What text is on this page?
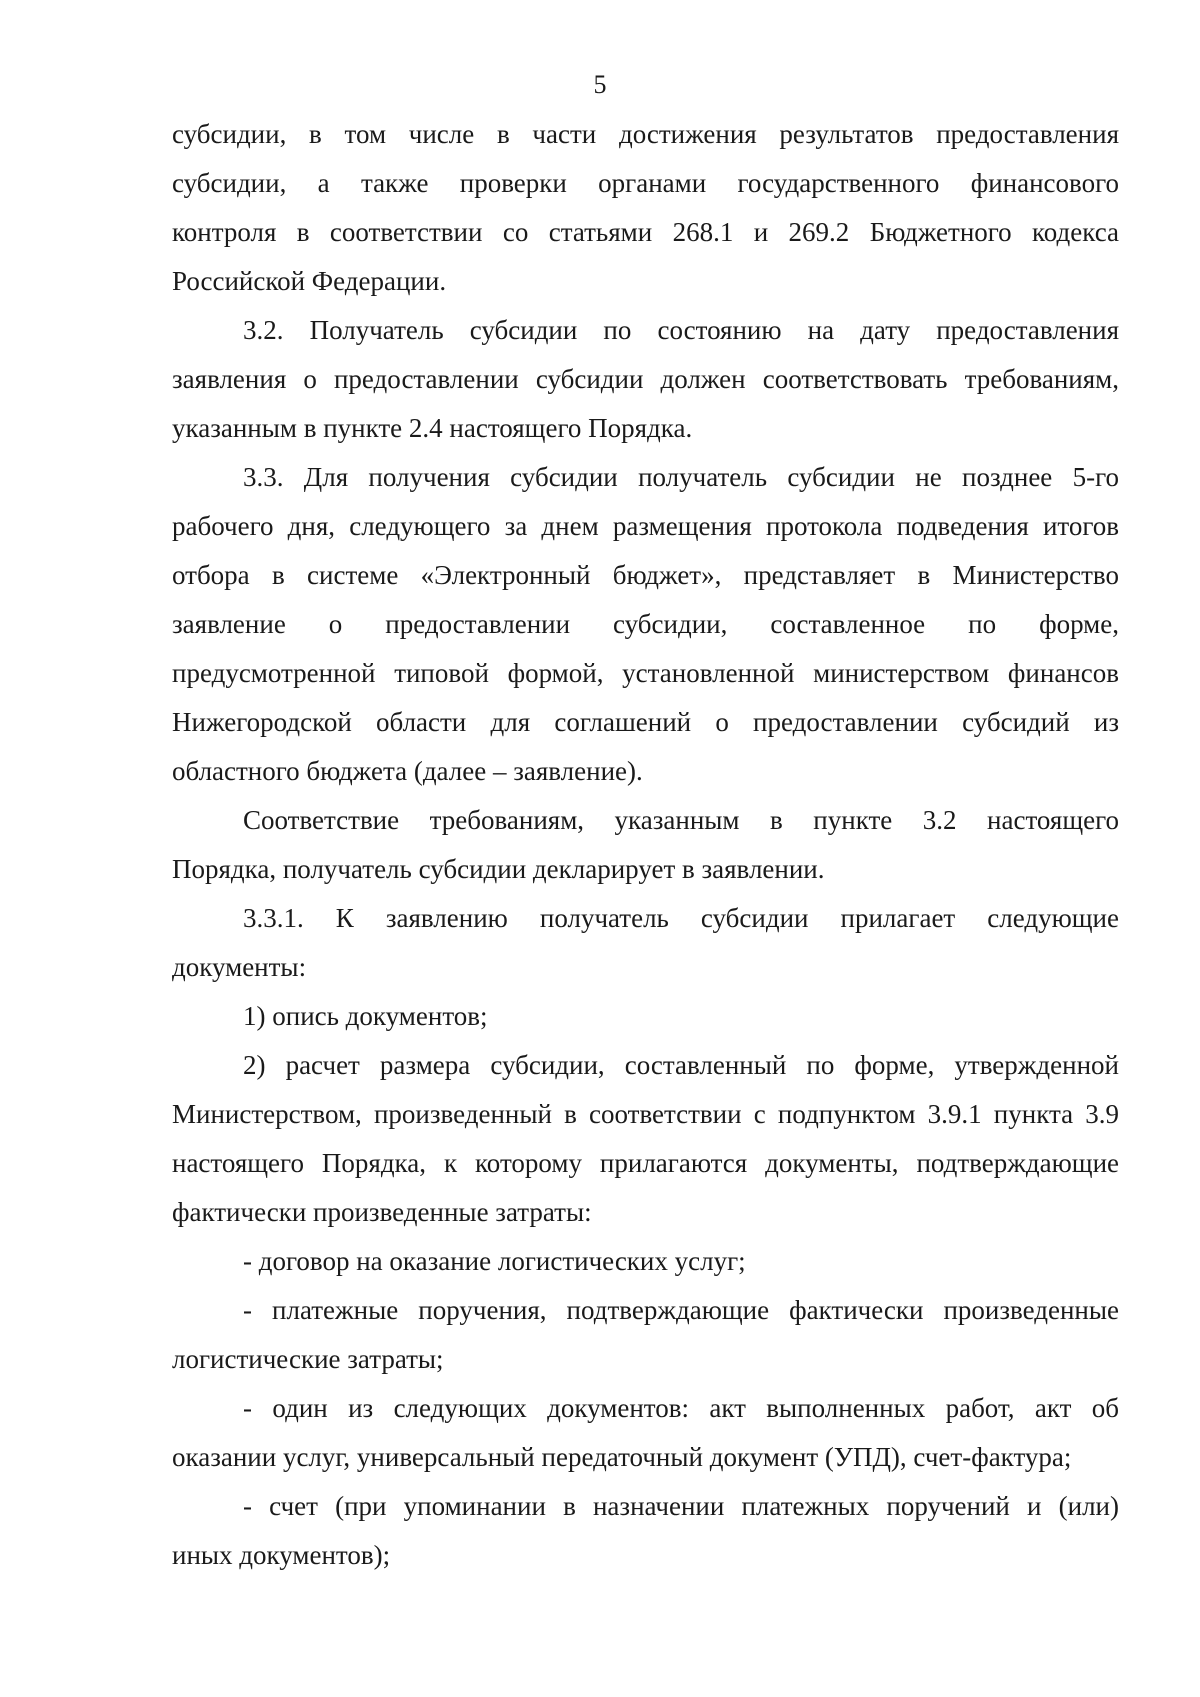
5

субсидии, в том числе в части достижения результатов предоставления
субсидии, а также проверки органами государственного финансового
контроля в соответствии со статьями 268.1 и 269.2 Бюджетного кодекса
Российской Федерации.

3.2. Получатель субсидии по состоянию на дату предоставления
заявления о предоставлении субсидии должен соответствовать требованиям,
указанным в пункте 2.4 настоящего Порядка.

3.3. Для получения субсидии получатель субсидии не позднее 5-го
рабочего дня, следующего за днем размещения протокола подведения итогов
отбора в системе «Электронный бюджет», представляет в Министерство
заявление о предоставлении субсидии, составленное по форме,
предусмотренной типовой формой, установленной министерством финансов
Нижегородской области для соглашений о предоставлении субсидий из
областного бюджета (далее – заявление).

Соответствие требованиям, указанным в пункте 3.2 настоящего
Порядка, получатель субсидии декларирует в заявлении.

3.3.1. К заявлению получатель субсидии прилагает следующие
документы:

1) опись документов;

2) расчет размера субсидии, составленный по форме, утвержденной
Министерством, произведенный в соответствии с подпунктом 3.9.1 пункта 3.9
настоящего Порядка, к которому прилагаются документы, подтверждающие
фактически произведенные затраты:

- договор на оказание логистических услуг;

- платежные поручения, подтверждающие фактически произведенные
логистические затраты;

- один из следующих документов: акт выполненных работ, акт об
оказании услуг, универсальный передаточный документ (УПД), счет-фактура;

- счет (при упоминании в назначении платежных поручений и (или)
иных документов);
